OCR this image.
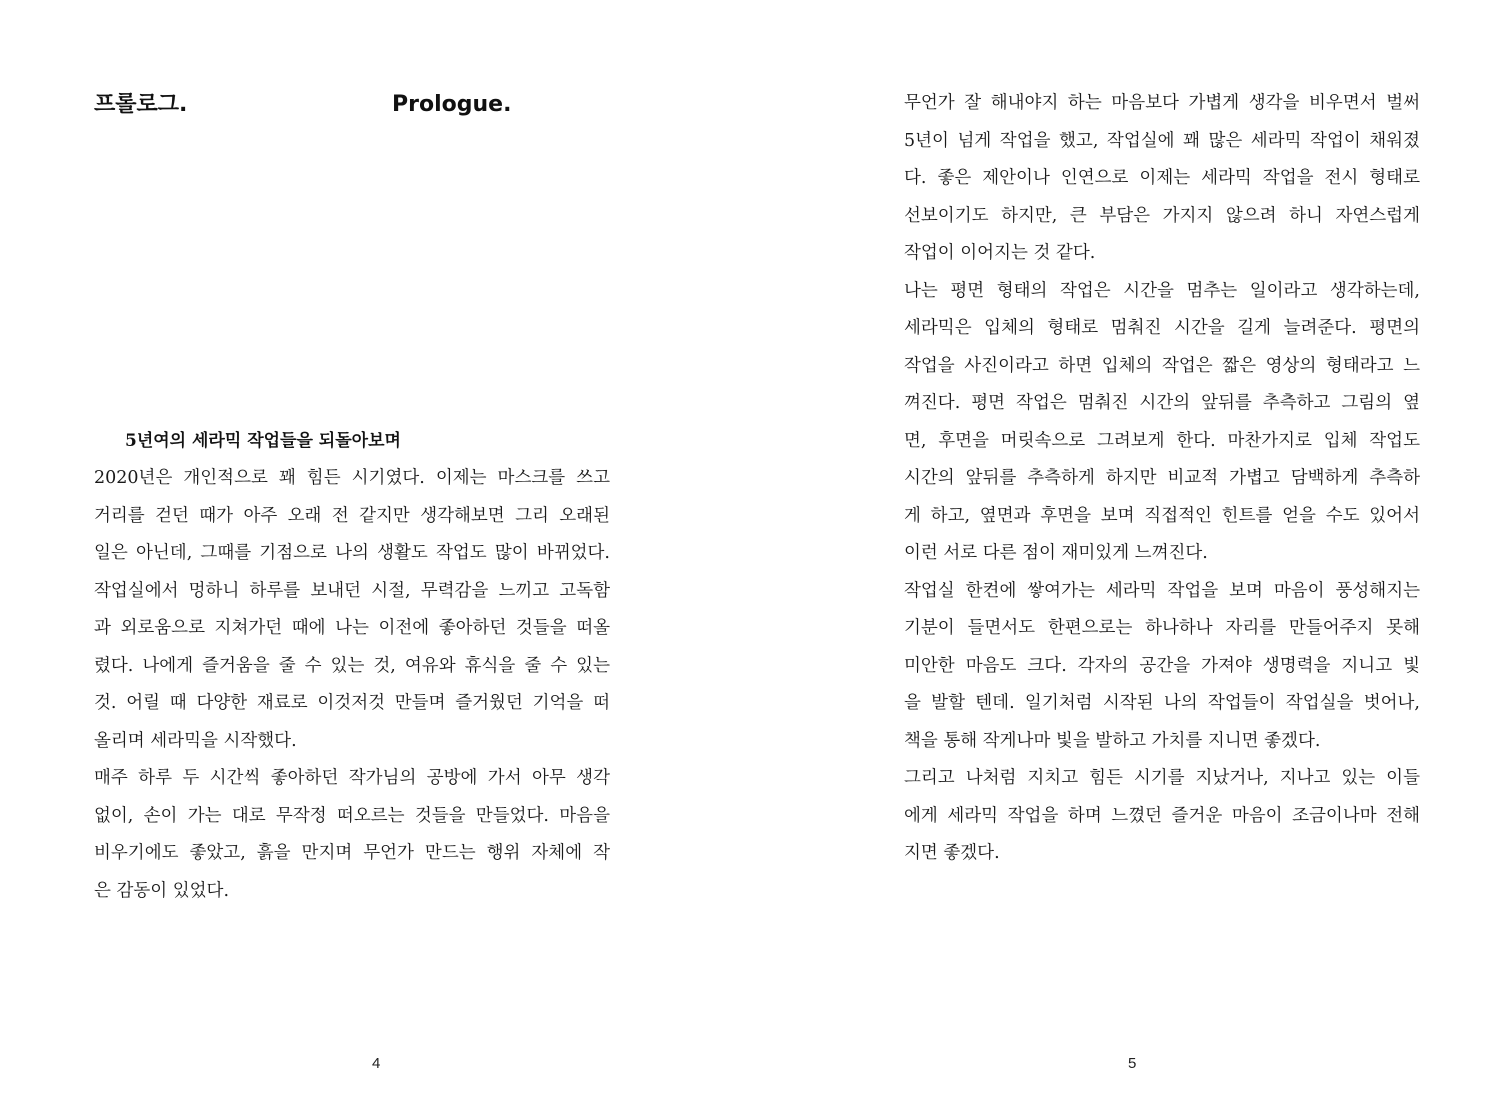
프롤로그.	Prologue.
5년여의 세라믹 작업들을 되돌아보며
2020년은 개인적으로 꽤 힘든 시기였다. 이제는 마스크를 쓰고
거리를 걷던 때가 아주 오래 전 같지만 생각해보면 그리 오래된
일은 아닌데, 그때를 기점으로 나의 생활도 작업도 많이 바뀌었다.
작업실에서 멍하니 하루를 보내던 시절, 무력감을 느끼고 고독함
과 외로움으로 지쳐가던 때에 나는 이전에 좋아하던 것들을 떠올
렸다. 나에게 즐거움을 줄 수 있는 것, 여유와 휴식을 줄 수 있는
것. 어릴 때 다양한 재료로 이것저것 만들며 즐거웠던 기억을 떠
올리며 세라믹을 시작했다.
매주 하루 두 시간씩 좋아하던 작가님의 공방에 가서 아무 생각
없이, 손이 가는 대로 무작정 떠오르는 것들을 만들었다. 마음을
비우기에도 좋았고, 흙을 만지며 무언가 만드는 행위 자체에 작
은 감동이 있었다.
4
무언가 잘 해내야지 하는 마음보다 가볍게 생각을 비우면서 벌써
5년이 넘게 작업을 했고, 작업실에 꽤 많은 세라믹 작업이 채워졌
다. 좋은 제안이나 인연으로 이제는 세라믹 작업을 전시 형태로
선보이기도 하지만, 큰 부담은 가지지 않으려 하니 자연스럽게
작업이 이어지는 것 같다.
나는 평면 형태의 작업은 시간을 멈추는 일이라고 생각하는데,
세라믹은 입체의 형태로 멈춰진 시간을 길게 늘려준다. 평면의
작업을 사진이라고 하면 입체의 작업은 짧은 영상의 형태라고 느
껴진다. 평면 작업은 멈춰진 시간의 앞뒤를 추측하고 그림의 옆
면, 후면을 머릿속으로 그려보게 한다. 마찬가지로 입체 작업도
시간의 앞뒤를 추측하게 하지만 비교적 가볍고 담백하게 추측하
게 하고, 옆면과 후면을 보며 직접적인 힌트를 얻을 수도 있어서
이런 서로 다른 점이 재미있게 느껴진다.
작업실 한켠에 쌓여가는 세라믹 작업을 보며 마음이 풍성해지는
기분이 들면서도 한편으로는 하나하나 자리를 만들어주지 못해
미안한 마음도 크다. 각자의 공간을 가져야 생명력을 지니고 빛
을 발할 텐데. 일기처럼 시작된 나의 작업들이 작업실을 벗어나,
책을 통해 작게나마 빛을 발하고 가치를 지니면 좋겠다.
그리고 나처럼 지치고 힘든 시기를 지났거나, 지나고 있는 이들
에게 세라믹 작업을 하며 느꼈던 즐거운 마음이 조금이나마 전해
지면 좋겠다.
5
